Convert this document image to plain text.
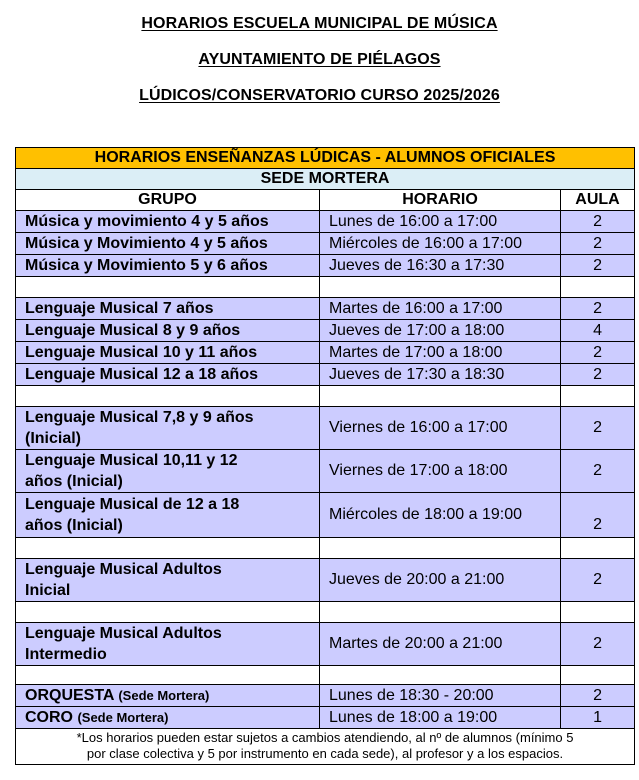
HORARIOS ESCUELA MUNICIPAL DE MÚSICA
AYUNTAMIENTO DE PIÉLAGOS
LÚDICOS/CONSERVATORIO CURSO 2025/2026
HORARIOS ENSEÑANZAS LÚDICAS - ALUMNOS OFICIALES		
SEDE MORTERA		
GRUPO	HORARIO	AULA
Música y movimiento 4 y 5 años	Lunes de 16:00 a 17:00	2
Música y Movimiento 4 y 5 años	Miércoles de 16:00 a 17:00	2
Música y Movimiento 5 y 6 años	Jueves de 16:30 a 17:30	2

Lenguaje Musical 7 años	Martes de 16:00 a 17:00	2
Lenguaje Musical 8 y 9 años	Jueves de 17:00 a 18:00	4
Lenguaje Musical 10 y 11 años	Martes de 17:00 a 18:00	2
Lenguaje Musical 12 a 18 años	Jueves de 17:30 a 18:30	2

Lenguaje Musical 7,8 y 9 años
(Inicial)	Viernes de 16:00 a 17:00	2
Lenguaje Musical 10,11 y 12
años (Inicial)	Viernes de 17:00 a 18:00	2
Lenguaje Musical de 12 a 18
años (Inicial)	Miércoles de 18:00 a 19:00	2

Lenguaje Musical Adultos
Inicial	Jueves de 20:00 a 21:00	2

Lenguaje Musical Adultos
Intermedio	Martes de 20:00 a 21:00	2

ORQUESTA (Sede Mortera)	Lunes de 18:30 - 20:00	2
CORO (Sede Mortera)	Lunes de 18:00 a 19:00	1
*Los horarios pueden estar sujetos a cambios atendiendo, al nº de alumnos (mínimo 5
por clase colectiva y 5 por instrumento en cada sede), al profesor y a los espacios.		
